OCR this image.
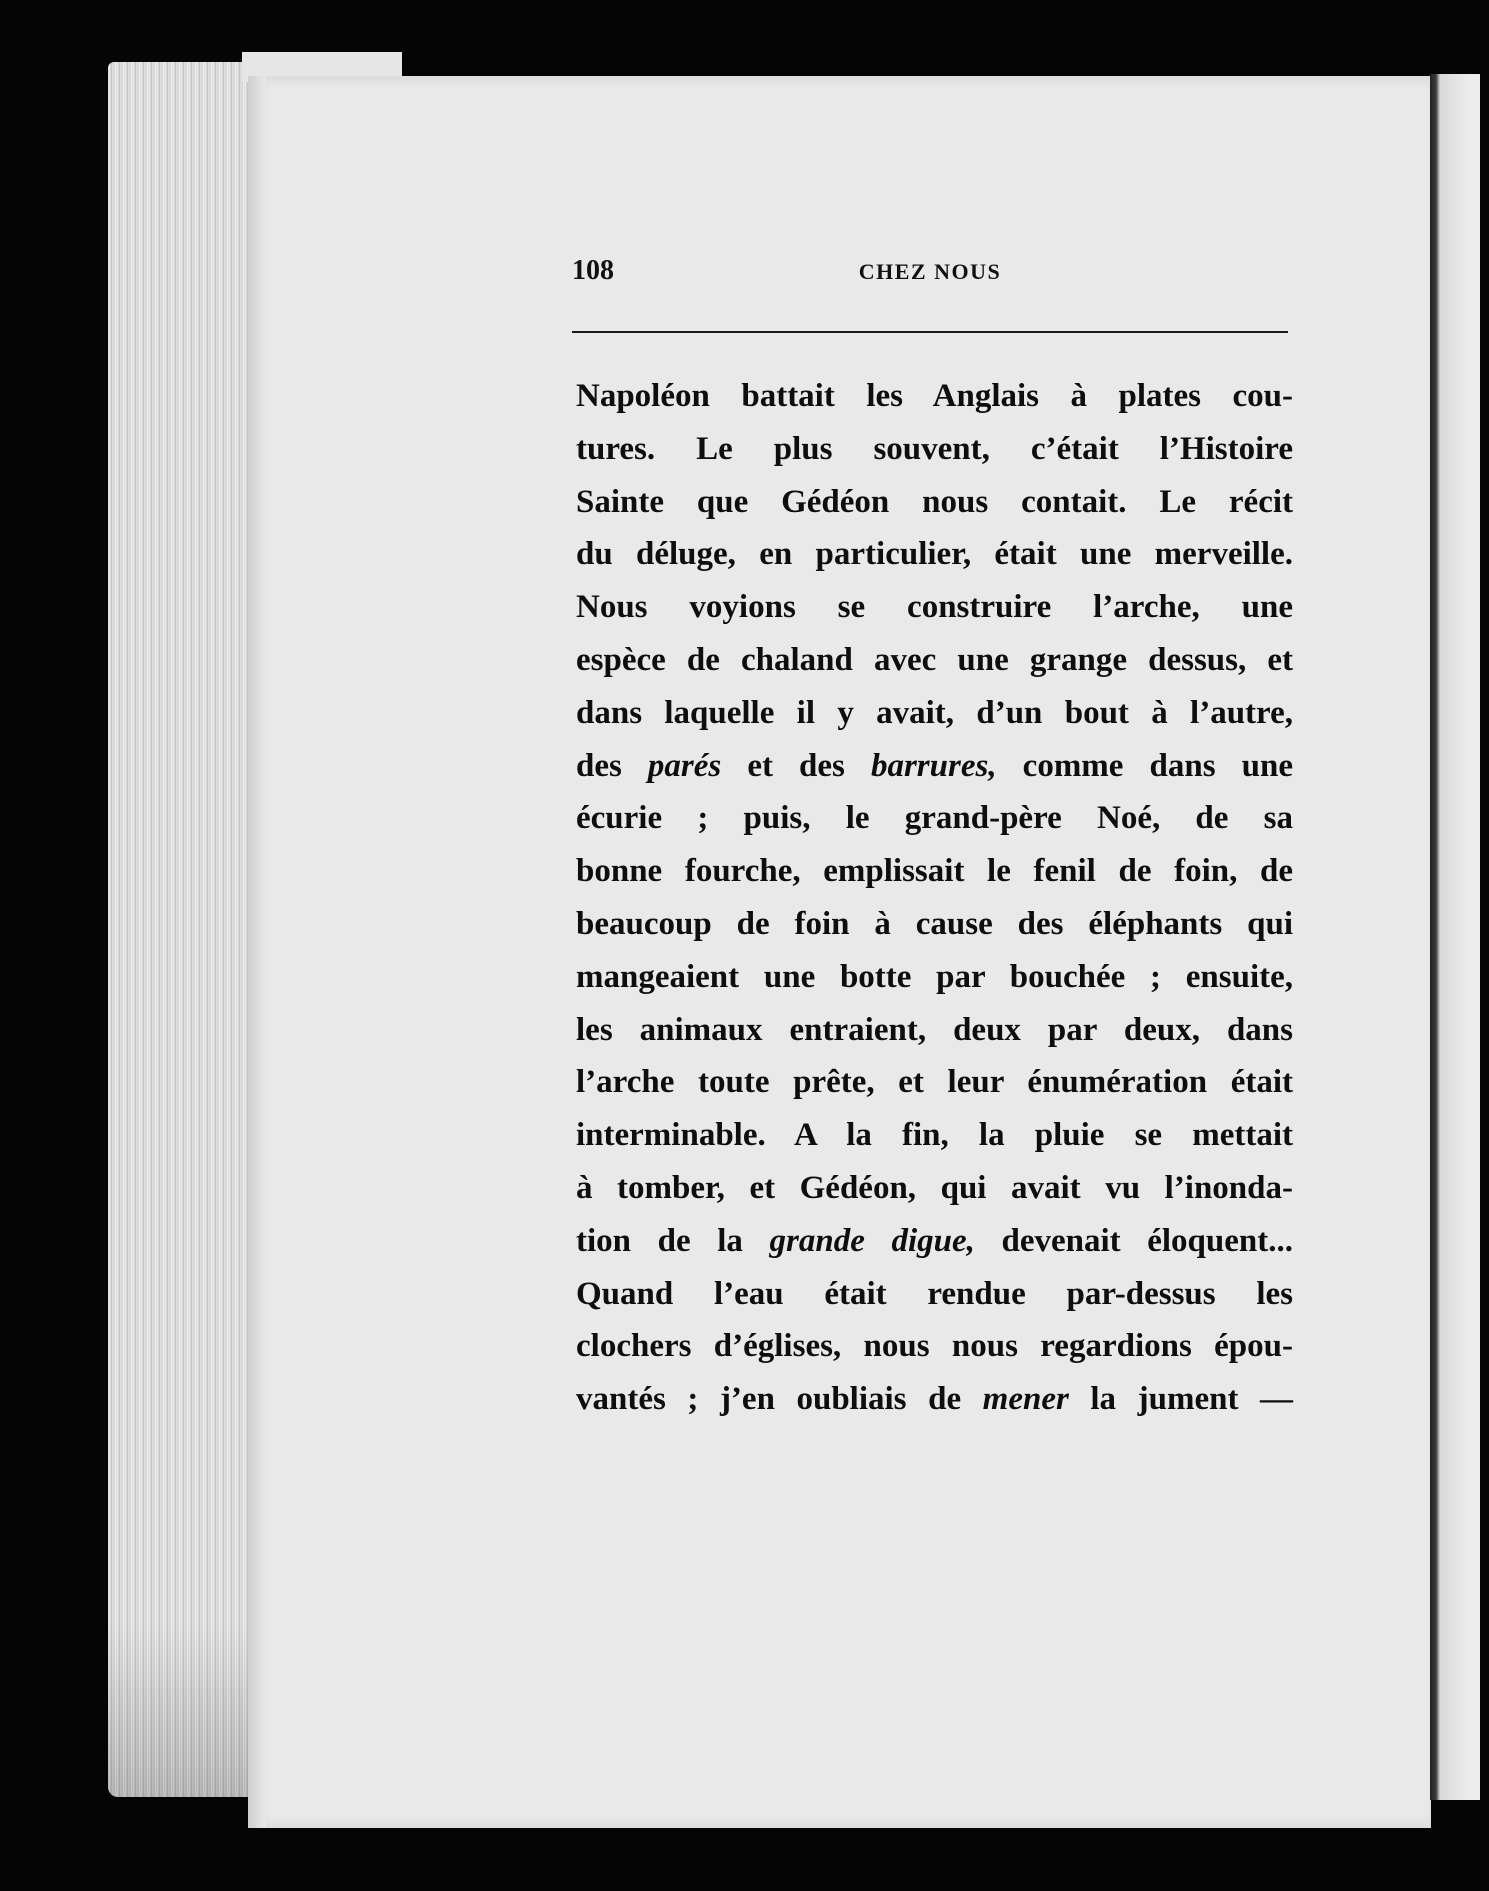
108	CHEZ NOUS
Napoléon battait les Anglais à plates cou-
tures. Le plus souvent, c’était l’Histoire
Sainte que Gédéon nous contait. Le récit
du déluge, en particulier, était une merveille.
Nous voyions se construire l’arche, une
espèce de chaland avec une grange dessus, et
dans laquelle il y avait, d’un bout à l’autre,
des parés et des barrures, comme dans une
écurie ; puis, le grand-père Noé, de sa
bonne fourche, emplissait le fenil de foin, de
beaucoup de foin à cause des éléphants qui
mangeaient une botte par bouchée ; ensuite,
les animaux entraient, deux par deux, dans
l’arche toute prête, et leur énumération était
interminable. A la fin, la pluie se mettait
à tomber, et Gédéon, qui avait vu l’inonda-
tion de la grande digue, devenait éloquent...
Quand l’eau était rendue par-dessus les
clochers d’églises, nous nous regardions épou-
vantés ; j’en oubliais de mener la jument —
